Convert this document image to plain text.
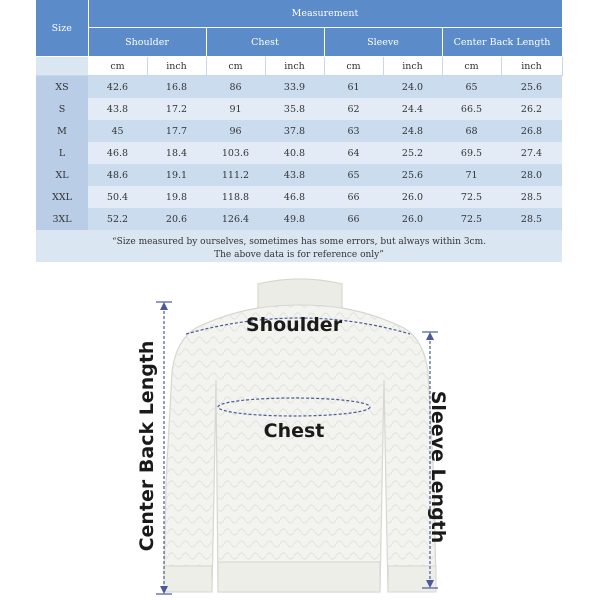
Size	Measurement							
	Shoulder		Chest		Sleeve		Center Back Length	
	cm	inch	cm	inch	cm	inch	cm	inch
XS	42.6	16.8	86	33.9	61	24.0	65	25.6
S	43.8	17.2	91	35.8	62	24.4	66.5	26.2
M	45	17.7	96	37.8	63	24.8	68	26.8
L	46.8	18.4	103.6	40.8	64	25.2	69.5	27.4
XL	48.6	19.1	111.2	43.8	65	25.6	71	28.0
XXL	50.4	19.8	118.8	46.8	66	26.0	72.5	28.5
3XL	52.2	20.6	126.4	49.8	66	26.0	72.5	28.5
“Size measured by ourselves, sometimes has some errors, but always within 3cm.
The above data is for reference only”
Shoulder
Chest
Center Back Length	Sleeve Length
